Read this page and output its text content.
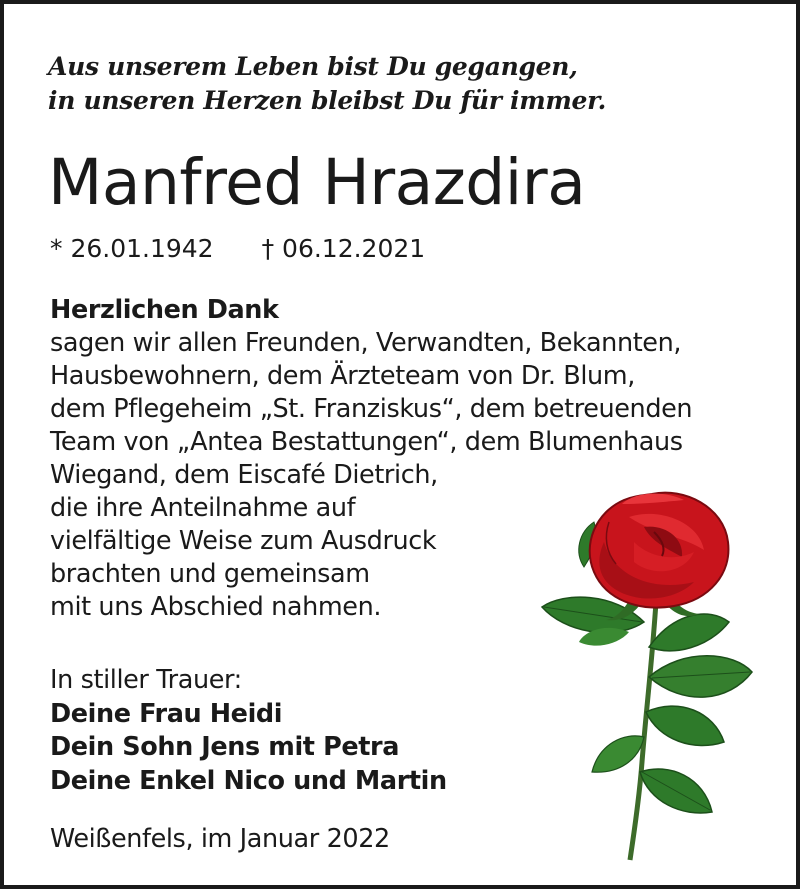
Aus unserem Leben bist Du gegangen,
in unseren Herzen bleibst Du für immer.
Manfred Hrazdira
* 26.01.1942 † 06.12.2021
Herzlichen Dank
sagen wir allen Freunden, Verwandten, Bekannten,
Hausbewohnern, dem Ärzteteam von Dr. Blum,
dem Pflegeheim „St. Franziskus“, dem betreuenden
Team von „Antea Bestattungen“, dem Blumenhaus
Wiegand, dem Eiscafé Dietrich,
die ihre Anteilnahme auf
vielfältige Weise zum Ausdruck
brachten und gemeinsam
mit uns Abschied nahmen.
In stiller Trauer:
Deine Frau Heidi
Dein Sohn Jens mit Petra
Deine Enkel Nico und Martin
Weißenfels, im Januar 2022
